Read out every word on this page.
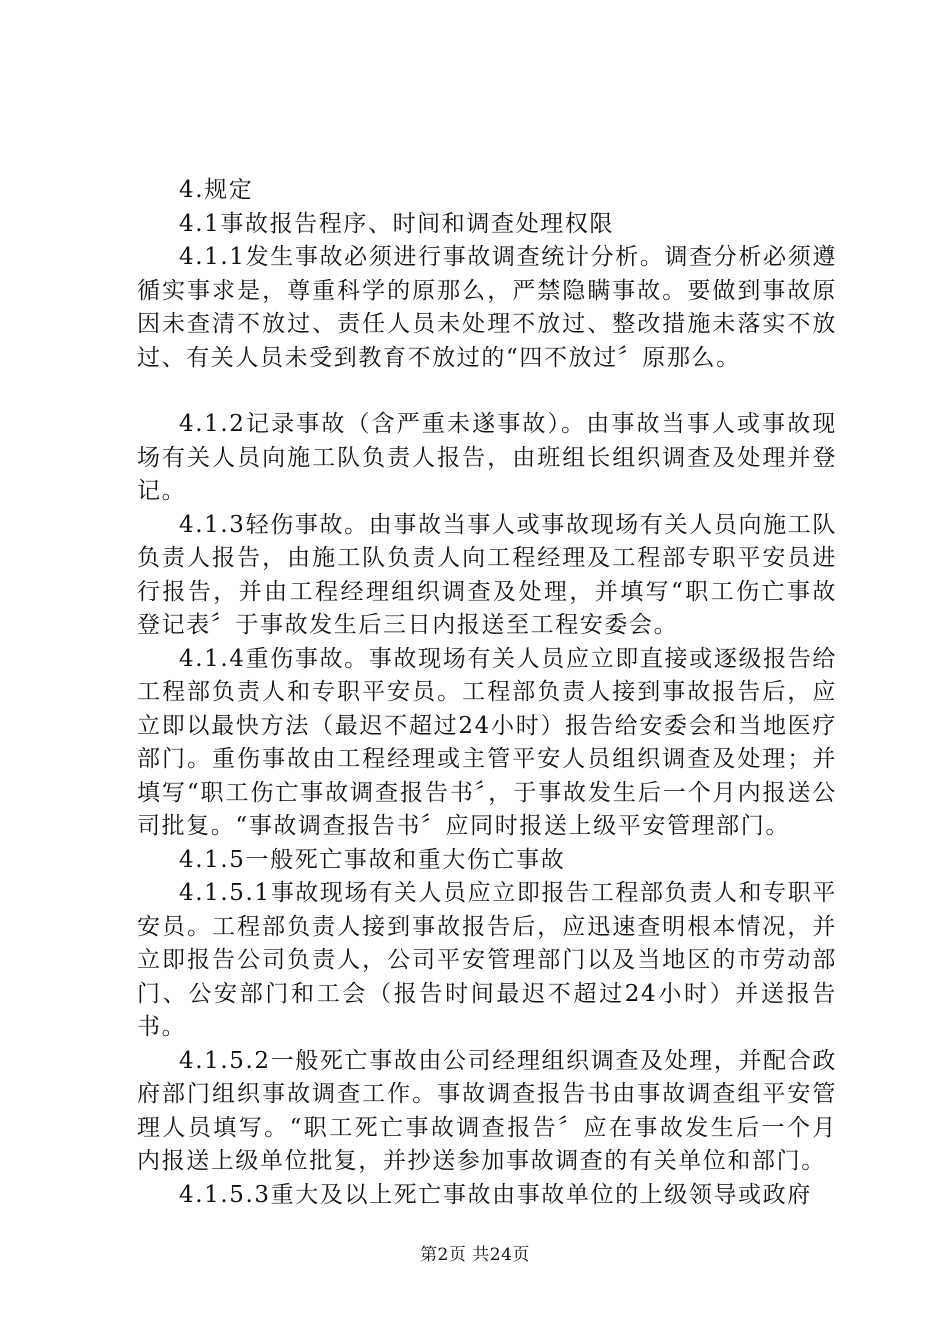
4.规定

4.1事故报告程序、时间和调查处理权限

4.1.1发生事故必须进行事故调查统计分析。调查分析必须遵循实事求是，尊重科学的原那么，严禁隐瞒事故。要做到事故原因未查清不放过、责任人员未处理不放过、整改措施未落实不放过、有关人员未受到教育不放过的“四不放过〞原那么。

4.1.2记录事故（含严重未遂事故）。由事故当事人或事故现场有关人员向施工队负责人报告，由班组长组织调查及处理并登记。

4.1.3轻伤事故。由事故当事人或事故现场有关人员向施工队负责人报告，由施工队负责人向工程经理及工程部专职平安员进行报告，并由工程经理组织调查及处理，并填写“职工伤亡事故登记表〞于事故发生后三日内报送至工程安委会。

4.1.4重伤事故。事故现场有关人员应立即直接或逐级报告给工程部负责人和专职平安员。工程部负责人接到事故报告后，应立即以最快方法（最迟不超过24小时）报告给安委会和当地医疗部门。重伤事故由工程经理或主管平安人员组织调查及处理；并填写“职工伤亡事故调查报告书〞，于事故发生后一个月内报送公司批复。“事故调查报告书〞应同时报送上级平安管理部门。

4.1.5一般死亡事故和重大伤亡事故

4.1.5.1事故现场有关人员应立即报告工程部负责人和专职平安员。工程部负责人接到事故报告后，应迅速查明根本情况，并立即报告公司负责人，公司平安管理部门以及当地区的市劳动部门、公安部门和工会（报告时间最迟不超过24小时）并送报告书。

4.1.5.2一般死亡事故由公司经理组织调查及处理，并配合政府部门组织事故调查工作。事故调查报告书由事故调查组平安管理人员填写。“职工死亡事故调查报告〞应在事故发生后一个月内报送上级单位批复，并抄送参加事故调查的有关单位和部门。

4.1.5.3重大及以上死亡事故由事故单位的上级领导或政府

第2页 共24页
